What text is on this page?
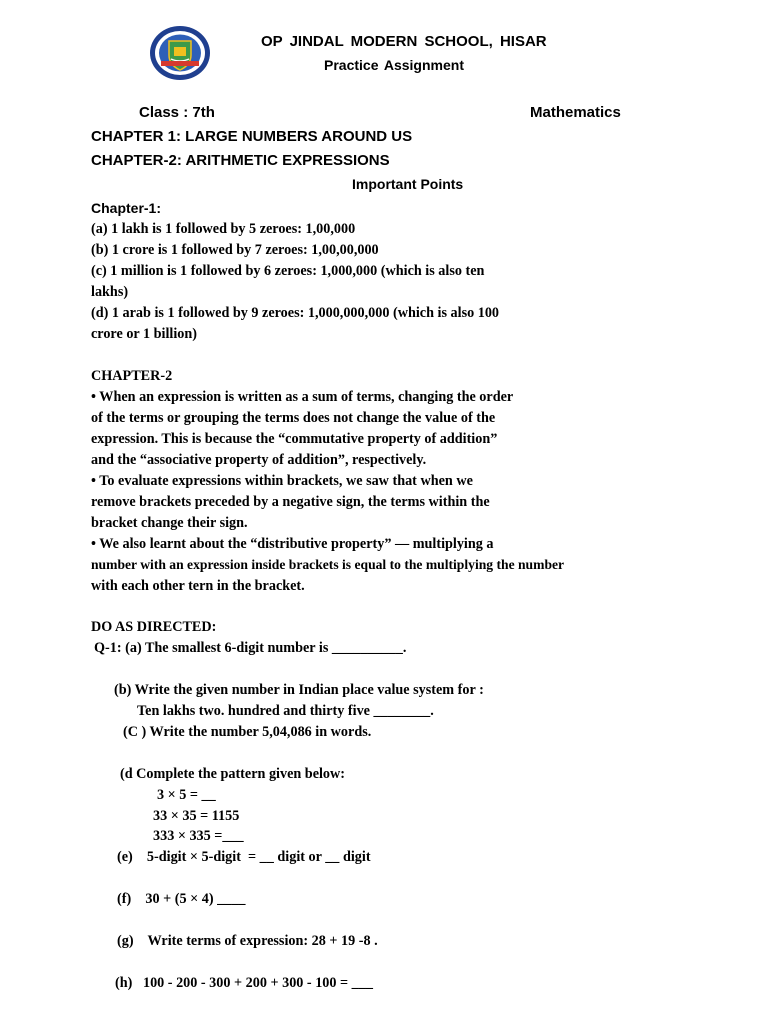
OP JINDAL MODERN SCHOOL, HISAR
Practice Assignment
Class : 7th	Mathematics
CHAPTER 1: LARGE NUMBERS AROUND US
CHAPTER-2: ARITHMETIC EXPRESSIONS
Important Points
Chapter-1:
(a) 1 lakh is 1 followed by 5 zeroes: 1,00,000
(b) 1 crore is 1 followed by 7 zeroes: 1,00,00,000
(c) 1 million is 1 followed by 6 zeroes: 1,000,000 (which is also ten
lakhs)
(d) 1 arab is 1 followed by 9 zeroes: 1,000,000,000 (which is also 100
crore or 1 billion)
CHAPTER-2
• When an expression is written as a sum of terms, changing the order
of the terms or grouping the terms does not change the value of the
expression. This is because the “commutative property of addition”
and the “associative property of addition”, respectively.
• To evaluate expressions within brackets, we saw that when we
remove brackets preceded by a negative sign, the terms within the
bracket change their sign.
• We also learnt about the “distributive property” — multiplying a
number with an expression inside brackets is equal to the multiplying the number
with each other tern in the bracket.
DO AS DIRECTED:
Q-1: (a) The smallest 6-digit number is __________.
(b) Write the given number in Indian place value system for :
Ten lakhs two. hundred and thirty five ________.
(C ) Write the number 5,04,086 in words.
(d Complete the pattern given below:
3 × 5 = __
33 × 35 = 1155
333 × 335 =___
(e)    5-digit × 5-digit  = __ digit or __ digit
(f)    30 + (5 × 4) ____
(g)    Write terms of expression: 28 + 19 -8 .
(h)   100 - 200 - 300 + 200 + 300 - 100 = ___
